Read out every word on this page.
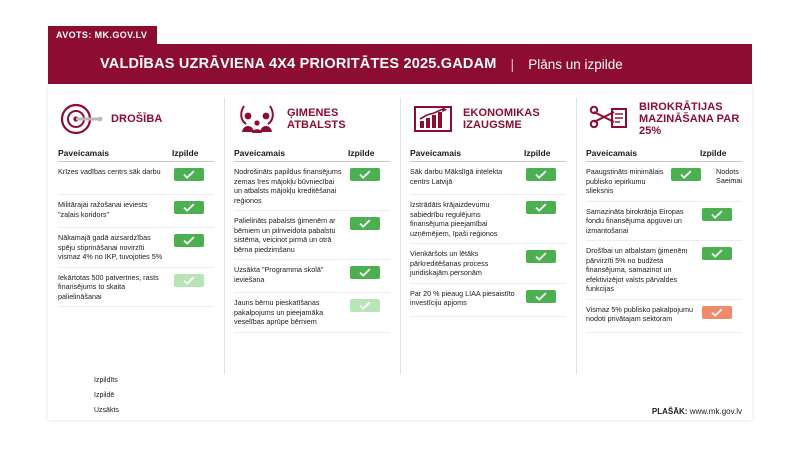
AVOTS: MK.GOV.LV
VALDĪBAS UZRĀVIENA 4X4 PRIORITĀTES 2025.GADAM | Plāns un izpilde
DROŠĪBA
Paveicamais	Izpilde
Krīzes vadības centrs sāk darbu
Militārajai ražošanai ieviests "zaļais koridors"
Nākamajā gadā aizsardzības spēju stiprināšanai novirzīti vismaz 4% no IKP, tuvojoties 5%
Iekārtotas 500 patvertnes, rasts finansējums to skaita palielināšanai
Izpildīts
Izpildē
Uzsākts
ĢIMENES ATBALSTS
Paveicamais	Izpilde
Nodrošināts papildus finansējums zemas īres mājokļu būvniecībai un atbalsts mājokļu kreditēšanai reģionos
Palielināts pabalsts ģimenēm ar bērniem un pilnveidota pabalstu sistēma, veicinot pirmā un otrā bērna piedzimšanu
Uzsākta "Programma skolā" ieviešana
Jauns bērnu pieskatīšanas pakalpojums un pieejamāka veselības aprūpe bērniem
EKONOMIKAS IZAUGSME
Paveicamais	Izpilde
Sāk darbu Mākslīgā intelekta centrs Latvijā
Izstrādāts krājaizdevumu sabiedrību regulējums finansējuma pieejamībai uzņēmējiem, īpaši reģionos
Vienkāršots un lētāks pārkreditēšanas process juridiskajām personām
Par 20 % pieaug LIAA piesaistīto investīciju apjoms
BIROKRĀTIJAS MAZINĀŠANA PAR 25%
Paveicamais	Izpilde
Paaugstināts minimālais publisko iepirkumu slieksnis
Nodots Saeimai
Samazināta birokrātija Eiropas fondu finansējuma apguvei un izmantošanai
Drošībai un atbalstam ģimenēm pārvirzīti 5% no budžeta finansējuma, samazinot un efektivizējot valsts pārvaldes funkcijas
Vismaz 5% publisko pakalpojumu nodoti privātajam sektoram
PLAŠĀK: www.mk.gov.lv
